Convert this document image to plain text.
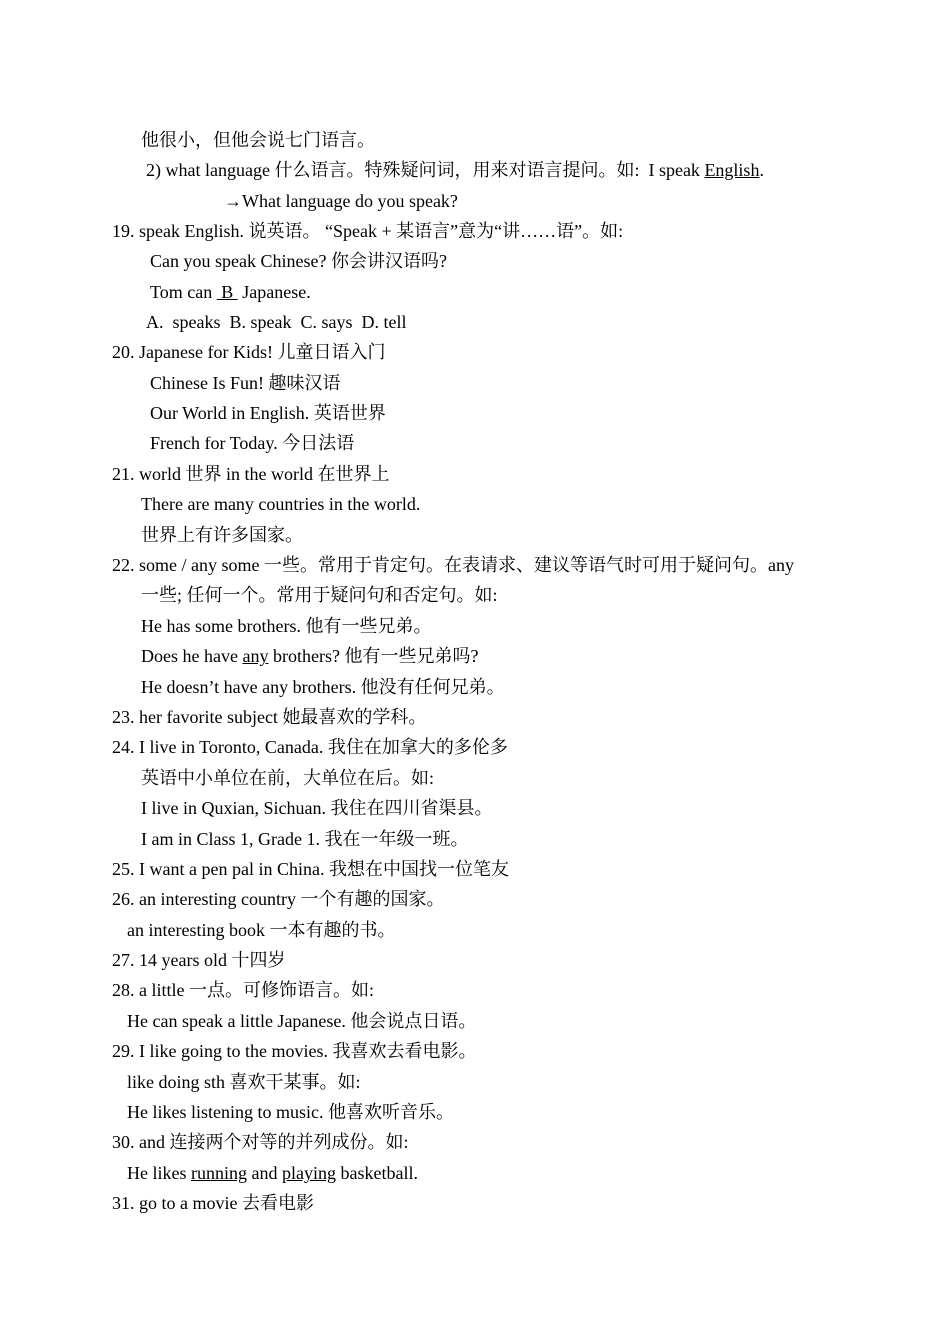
他很小，但他会说七门语言。
2) what language 什么语言。特殊疑问词，用来对语言提问。如:  I speak English.
→What language do you speak?
19. speak English. 说英语。 “Speak + 某语言”意为“讲……语”。如:
Can you speak Chinese? 你会讲汉语吗?
Tom can  B  Japanese.
A.  speaks  B. speak  C. says  D. tell
20. Japanese for Kids! 儿童日语入门
Chinese Is Fun! 趣味汉语
Our World in English. 英语世界
French for Today. 今日法语
21. world 世界 in the world 在世界上
There are many countries in the world.
世界上有许多国家。
22. some / any some 一些。常用于肯定句。在表请求、建议等语气时可用于疑问句。any
一些; 任何一个。常用于疑问句和否定句。如:
He has some brothers. 他有一些兄弟。
Does he have any brothers? 他有一些兄弟吗?
He doesn’t have any brothers. 他没有任何兄弟。
23. her favorite subject 她最喜欢的学科。
24. I live in Toronto, Canada. 我住在加拿大的多伦多
英语中小单位在前，大单位在后。如:
I live in Quxian, Sichuan. 我住在四川省渠县。
I am in Class 1, Grade 1. 我在一年级一班。
25. I want a pen pal in China. 我想在中国找一位笔友
26. an interesting country 一个有趣的国家。
an interesting book 一本有趣的书。
27. 14 years old 十四岁
28. a little 一点。可修饰语言。如:
He can speak a little Japanese. 他会说点日语。
29. I like going to the movies. 我喜欢去看电影。
like doing sth 喜欢干某事。如:
He likes listening to music. 他喜欢听音乐。
30. and 连接两个对等的并列成份。如:
He likes running and playing basketball.
31. go to a movie 去看电影
